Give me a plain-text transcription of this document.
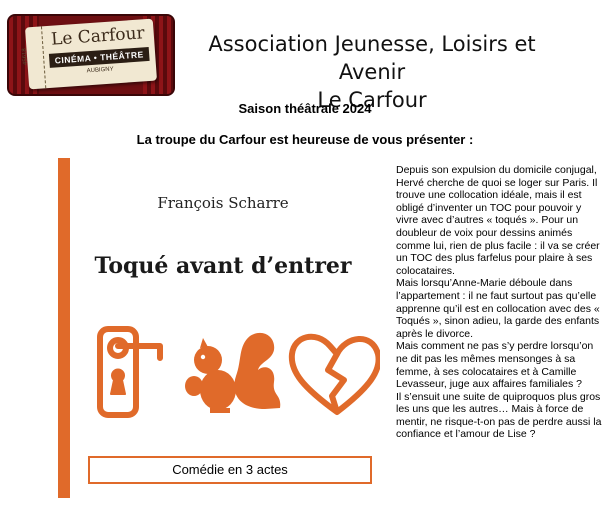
45618
Le Carfour
CINÉMA • THÉÂTRE
AUBIGNY
Association Jeunesse, Loisirs et Avenir
Le Carfour
Saison théâtrale 2024
La troupe du Carfour est heureuse de vous présenter :
François Scharre
Toqué avant d’entrer
Comédie en 3 actes

Depuis son expulsion du domicile conjugal, Hervé cherche de quoi se loger sur Paris. Il trouve une collocation idéale, mais il est obligé d’inventer un TOC pour pouvoir y vivre avec d’autres « toqués ». Pour un doubleur de voix pour dessins animés comme lui, rien de plus facile : il va se créer un TOC des plus farfelus pour plaire à ses colocataires.

Mais lorsqu’Anne-Marie déboule dans l’appartement : il ne faut surtout pas qu’elle apprenne qu’il est en collocation avec des « Toqués », sinon adieu, la garde des enfants après le divorce.

Mais comment ne pas s’y perdre lorsqu’on ne dit pas les mêmes mensonges à sa femme, à ses colocataires et à Camille Levasseur, juge aux affaires familiales ?

Il s’ensuit une suite de quiproquos plus gros les uns que les autres… Mais à force de mentir, ne risque-t-on pas de perdre aussi la confiance et l’amour de Lise ?
